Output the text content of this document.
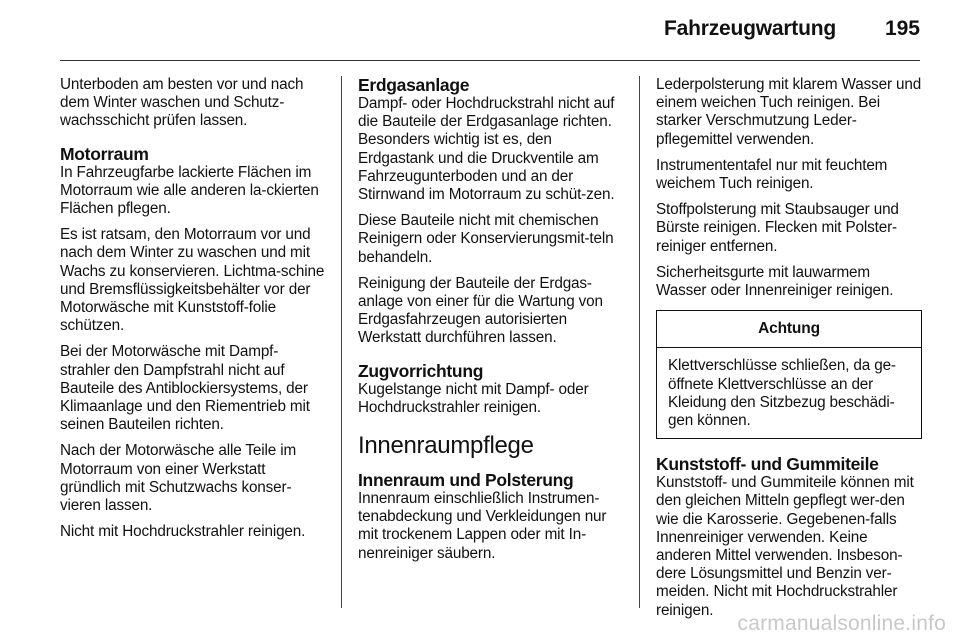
Fahrzeugwartung 195

Unterboden am besten vor und nach dem Winter waschen und Schutz-wachsschicht prüfen lassen.

Motorraum

In Fahrzeugfarbe lackierte Flächen im Motorraum wie alle anderen la-ckierten Flächen pflegen.

Es ist ratsam, den Motorraum vor und nach dem Winter zu waschen und mit Wachs zu konservieren. Lichtma-schine und Bremsflüssigkeitsbehälter vor der Motorwäsche mit Kunststoff-folie schützen.

Bei der Motorwäsche mit Dampf-strahler den Dampfstrahl nicht auf Bauteile des Antiblockiersystems, der Klimaanlage und den Riementrieb mit seinen Bauteilen richten.

Nach der Motorwäsche alle Teile im Motorraum von einer Werkstatt gründlich mit Schutzwachs konser-vieren lassen.

Nicht mit Hochdruckstrahler reinigen.

Erdgasanlage

Dampf- oder Hochdruckstrahl nicht auf die Bauteile der Erdgasanlage richten. Besonders wichtig ist es, den Erdgastank und die Druckventile am Fahrzeugunterboden und an der Stirnwand im Motorraum zu schüt-zen.

Diese Bauteile nicht mit chemischen Reinigern oder Konservierungsmit-teln behandeln.

Reinigung der Bauteile der Erdgas-anlage von einer für die Wartung von Erdgasfahrzeugen autorisierten Werkstatt durchführen lassen.

Zugvorrichtung

Kugelstange nicht mit Dampf- oder Hochdruckstrahler reinigen.

Innenraumpflege
Innenraum und Polsterung

Innenraum einschließlich Instrumen-tenabdeckung und Verkleidungen nur mit trockenem Lappen oder mit In-nenreiniger säubern.

Lederpolsterung mit klarem Wasser und einem weichen Tuch reinigen. Bei starker Verschmutzung Leder-pflegemittel verwenden.

Instrumententafel nur mit feuchtem weichem Tuch reinigen.

Stoffpolsterung mit Staubsauger und Bürste reinigen. Flecken mit Polster-reiniger entfernen.

Sicherheitsgurte mit lauwarmem Wasser oder Innenreiniger reinigen.

Achtung
Klettverschlüsse schließen, da ge-öffnete Klettverschlüsse an der Kleidung den Sitzbezug beschädi-gen können.
Kunststoff- und Gummiteile

Kunststoff- und Gummiteile können mit den gleichen Mitteln gepflegt wer-den wie die Karosserie. Gegebenen-falls Innenreiniger verwenden. Keine anderen Mittel verwenden. Insbeson-dere Lösungsmittel und Benzin ver-meiden. Nicht mit Hochdruckstrahler reinigen.

carmanualsonline.info
